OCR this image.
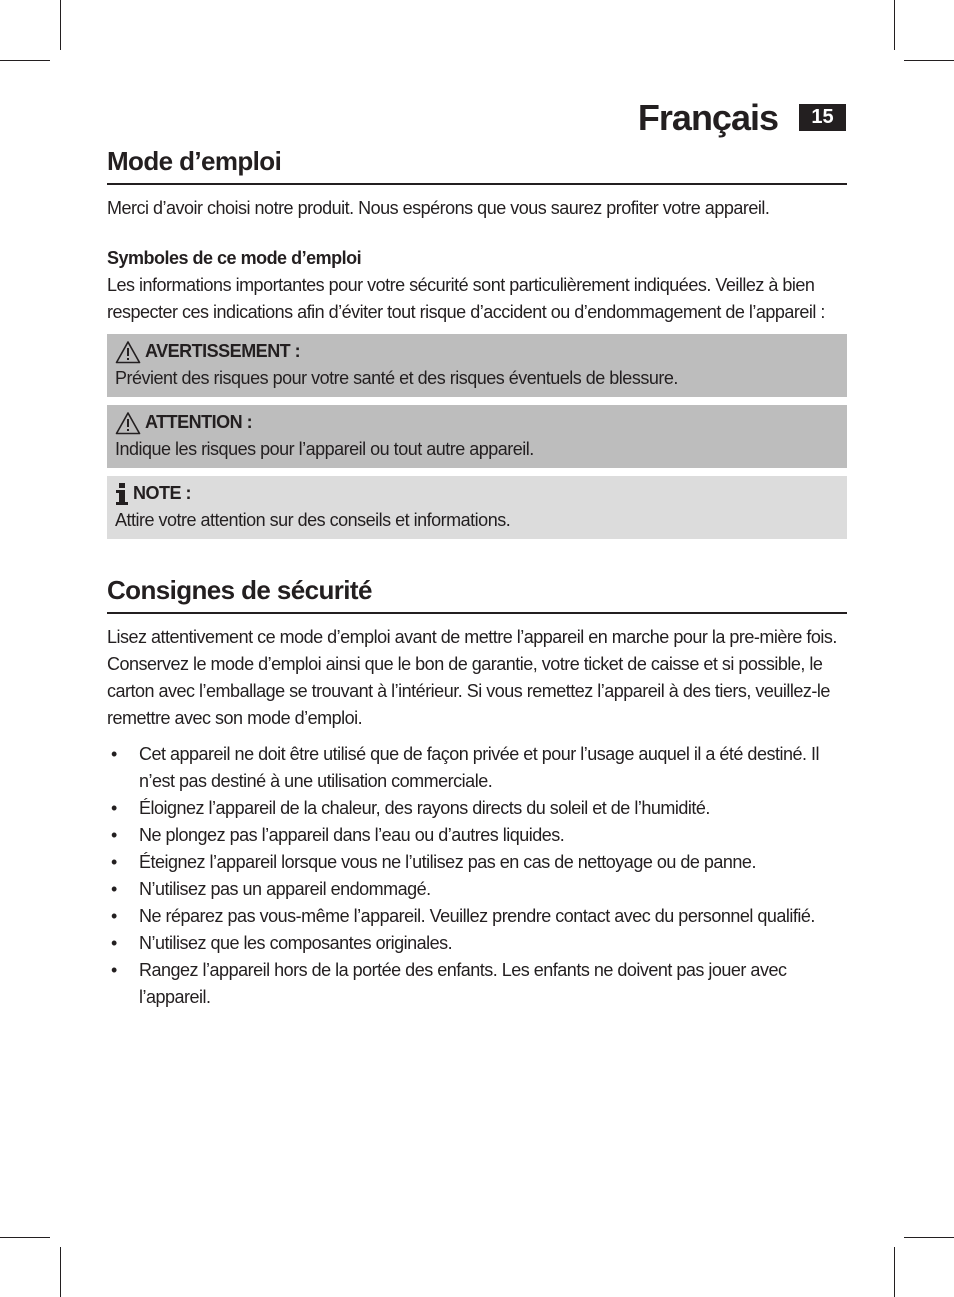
Français	15
Mode d’emploi

Merci d’avoir choisi notre produit. Nous espérons que vous saurez profiter votre appareil.

Symboles de ce mode d’emploi

Les informations importantes pour votre sécurité sont particulièrement indiquées. Veillez à bien respecter ces indications afin d’éviter tout risque d’accident ou d’endommagement de l’appareil :

AVERTISSEMENT :
Prévient des risques pour votre santé et des risques éventuels de blessure.
ATTENTION :
Indique les risques pour l’appareil ou tout autre appareil.
NOTE :
Attire votre attention sur des conseils et informations.
Consignes de sécurité

Lisez attentivement ce mode d’emploi avant de mettre l’appareil en marche pour la pre-mière fois. Conservez le mode d’emploi ainsi que le bon de garantie, votre ticket de caisse et si possible, le carton avec l’emballage se trouvant à l’intérieur. Si vous remettez l’appareil à des tiers, veuillez-le remettre avec son mode d’emploi.

• Cet appareil ne doit être utilisé que de façon privée et pour l’usage auquel il a été destiné. Il n’est pas destiné à une utilisation commerciale.
• Éloignez l’appareil de la chaleur, des rayons directs du soleil et de l’humidité.
• Ne plongez pas l’appareil dans l’eau ou d’autres liquides.
• Éteignez l’appareil lorsque vous ne l’utilisez pas en cas de nettoyage ou de panne.
• N’utilisez pas un appareil endommagé.
• Ne réparez pas vous-même l’appareil. Veuillez prendre contact avec du personnel qualifié.
• N’utilisez que les composantes originales.
• Rangez l’appareil hors de la portée des enfants. Les enfants ne doivent pas jouer avec l’appareil.
